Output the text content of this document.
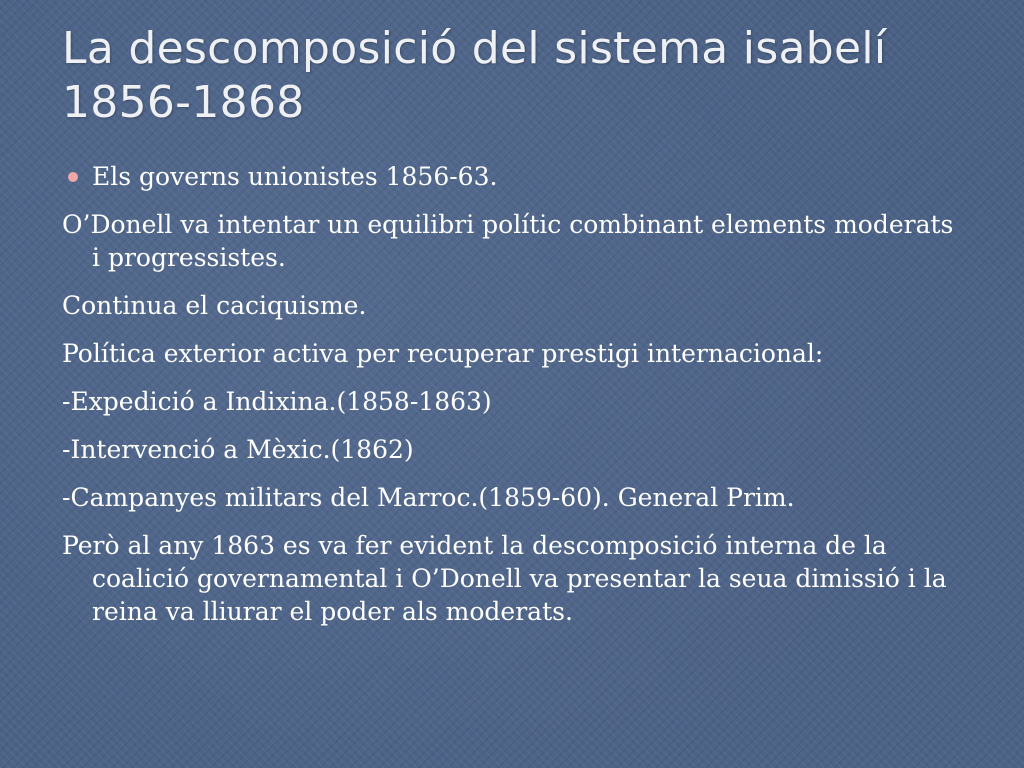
La descomposició del sistema isabelí
1856-1868

Els governs unionistes 1856-63.

O’Donell va intentar un equilibri polític combinant elements moderats i progressistes.

Continua el caciquisme.

Política exterior activa per recuperar prestigi internacional:

-Expedició a Indixina.(1858-1863)

-Intervenció a Mèxic.(1862)

-Campanyes militars del Marroc.(1859-60). General Prim.

Però al any 1863 es va fer evident la descomposició interna de la coalició governamental i O’Donell va presentar la seua dimissió i la reina va lliurar el poder als moderats.
